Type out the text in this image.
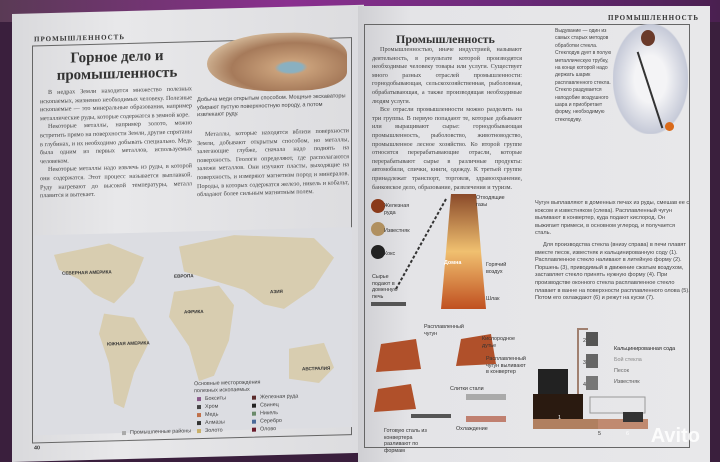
ПРОМЫШЛЕННОСТЬ
Горное дело и промышленность

В недрах Земли находится множество полезных ископаемых, жизненно необходимых человеку. Полезные ископаемые — это минеральные образования, например металлические руды, которые содержатся в земной коре.

Некоторые металлы, например золото, можно встретить прямо на поверхности Земли, другие спрятаны в глубинах, и их необходимо добывать специально. Медь была одним из первых металлов, используемых человеком.

Некоторые металлы надо извлечь из руды, в которой они содержатся. Этот процесс называется выплавкой. Руду нагревают до высокой температуры, металл плавится и вытекает.

Добыча меди открытым способом. Мощные экскаваторы убирают пустую поверхностную породу, а потом извлекают руду.

Металлы, которые находятся вблизи поверхности Земли, добывают открытым способом, но металлы, залегающие глубже, сначала надо поднять на поверхность. Геологи определяют, где располагаются залежи металлов. Они изучают пласты, выходящие на поверхность, и измеряют магнетизм пород и минералов. Породы, в которых содержатся железо, никель и кобальт, обладают более сильным магнитным полем.

СЕВЕРНАЯ АМЕРИКА
ЮЖНАЯ АМЕРИКА
ЕВРОПА
АФРИКА
АЗИЯ
АВСТРАЛИЯ
Основные месторождения полезных ископаемых
Бокситы	Железная руда
Хром	Свинец
Медь	Никель
Алмазы	Серебро
Золото	Олово
Промышленные районы
40
ПРОМЫШЛЕННОСТЬ
Промышленность

Промышленностью, иначе индустрией, называют деятельность, в результате которой производятся необходимые человеку товары или услуги. Существует много разных отраслей промышленности: горнодобывающая, сельскохозяйственная, рыболовная, обрабатывающая, а также производящая необходимые людям услуги.

Все отрасли промышленности можно разделить на три группы. В первую попадают те, которые добывают или выращивают сырье: горнодобывающая промышленность, рыболовство, животноводство, промышленное лесное хозяйство. Ко второй группе относятся перерабатывающие отрасли, которые перерабатывают сырье в различные продукты: автомобили, спички, книги, одежду. К третьей группе принадлежат транспорт, торговля, здравоохранение, банковское дело, образование, развлечения и туризм.

Выдувание — один из самых старых методов обработки стекла. Стеклодув дует в полую металлическую трубку, на конце которой надо держать шарик расплавленного стекла. Стекло раздувается наподобие воздушного шара и приобретает форму, необходимую стеклодуву.
Чугун выплавляют в доменных печах из руды, смешав ее с коксом и известняком (слева). Расплавленный чугун выливают в конвертер, куда подают кислород. Он выжигает примеси, в основном углерод, и получается сталь.
Для производства стекла (внизу справа) в печи плавят вместе песок, известняк и кальцинированную соду (1). Расплавленное стекло наливают в литейную форму (2). Поршень (3), приводимый в движение сжатым воздухом, заставляет стекло принять нужную форму (4). При производстве оконного стекла расплавленное стекло плавает в ванне на поверхности расплавленного олова (5). Потом его охлаждают (6) и режут на куски (7).
Железная руда
Известняк
Кокс
Отходящие газы
Сырье подают в доменную печь
Домна	Горячий воздух
Шлак
Расплавленный чугун
Кислородное дутье
Расплавленный чугун выливают в конвертер
Слитки стали
Готовую сталь из конвертера разливают по формам
Охлаждение
Кальцинированная сода
Бой стекла
Песок
Известняк
1
2
3
4
5	6
7
Avito
